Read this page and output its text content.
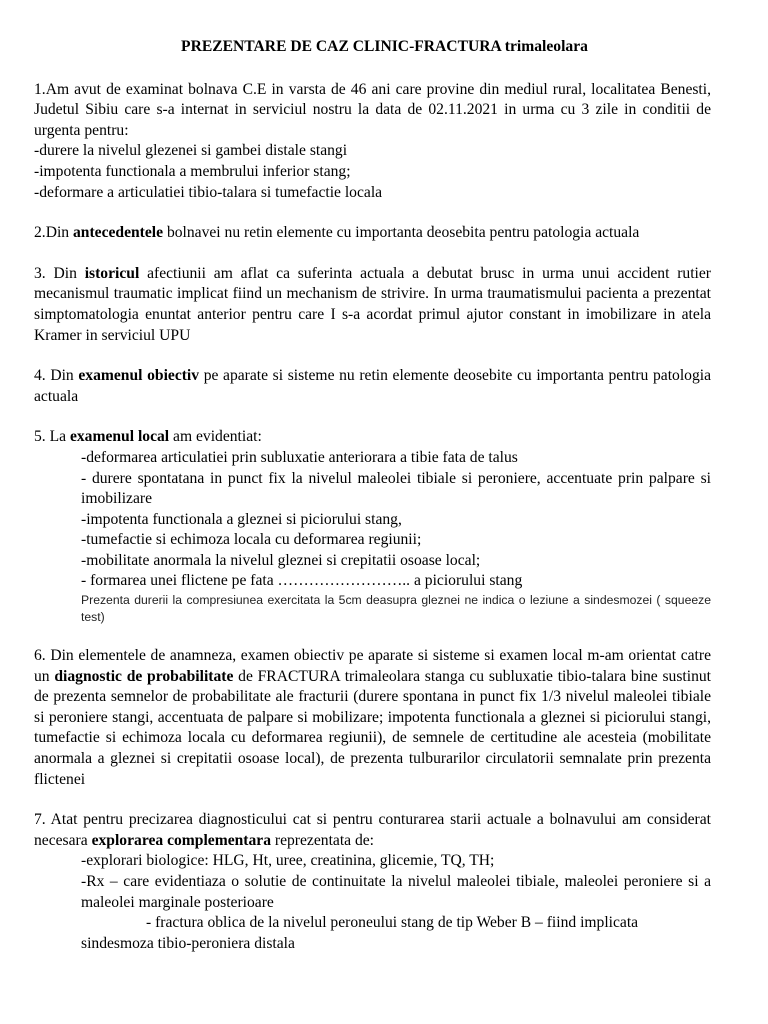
PREZENTARE DE CAZ CLINIC-FRACTURA trimaleolara

1.Am avut de examinat bolnava C.E in varsta de 46 ani care provine din mediul rural, localitatea Benesti, Judetul Sibiu care s-a internat in serviciul nostru la data de 02.11.2021 in urma cu 3 zile in conditii de urgenta pentru:

-durere la nivelul glezenei si gambei distale stangi
-impotenta functionala a membrului inferior stang;
-deformare a articulatiei tibio-talara si tumefactie locala

2.Din antecedentele bolnavei nu retin elemente cu importanta deosebita pentru patologia actuala

3. Din istoricul afectiunii am aflat ca suferinta actuala a debutat brusc in urma unui accident rutier mecanismul traumatic implicat fiind un mechanism de strivire. In urma traumatismului pacienta a prezentat simptomatologia enuntat anterior pentru care I s-a acordat primul ajutor constant in imobilizare in atela Kramer in serviciul UPU

4. Din examenul obiectiv pe aparate si sisteme nu retin elemente deosebite cu importanta pentru patologia actuala

5. La examenul local am evidentiat:

-deformarea articulatiei prin subluxatie anteriorara a tibie fata de talus

- durere spontatana in punct fix la nivelul maleolei tibiale si peroniere, accentuate prin palpare si imobilizare

-impotenta functionala a gleznei si piciorului stang,

-tumefactie si echimoza locala cu deformarea regiunii;

-mobilitate anormala la nivelul gleznei si crepitatii osoase local;

- formarea unei flictene pe fata …………………….. a piciorului stang

Prezenta durerii la compresiunea exercitata la 5cm deasupra gleznei ne indica o leziune a sindesmozei ( squeeze test)

6. Din elementele de anamneza, examen obiectiv pe aparate si sisteme si examen local m-am orientat catre un diagnostic de probabilitate de FRACTURA trimaleolara stanga cu subluxatie tibio-talara bine sustinut de prezenta semnelor de probabilitate ale fracturii (durere spontana in punct fix 1/3 nivelul maleolei tibiale si peroniere stangi, accentuata de palpare si mobilizare; impotenta functionala a gleznei si piciorului stangi, tumefactie si echimoza locala cu deformarea regiunii), de semnele de certitudine ale acesteia (mobilitate anormala a gleznei si crepitatii osoase local), de prezenta tulburarilor circulatorii semnalate prin prezenta flictenei

7. Atat pentru precizarea diagnosticului cat si pentru conturarea starii actuale a bolnavului am considerat necesara explorarea complementara reprezentata de:

-explorari biologice: HLG, Ht, uree, creatinina, glicemie, TQ, TH;

-Rx – care evidentiaza o solutie de continuitate la nivelul maleolei tibiale, maleolei peroniere si a maleolei marginale posterioare

- fractura oblica de la nivelul peroneului stang de tip Weber B – fiind implicata

sindesmoza tibio-peroniera distala
